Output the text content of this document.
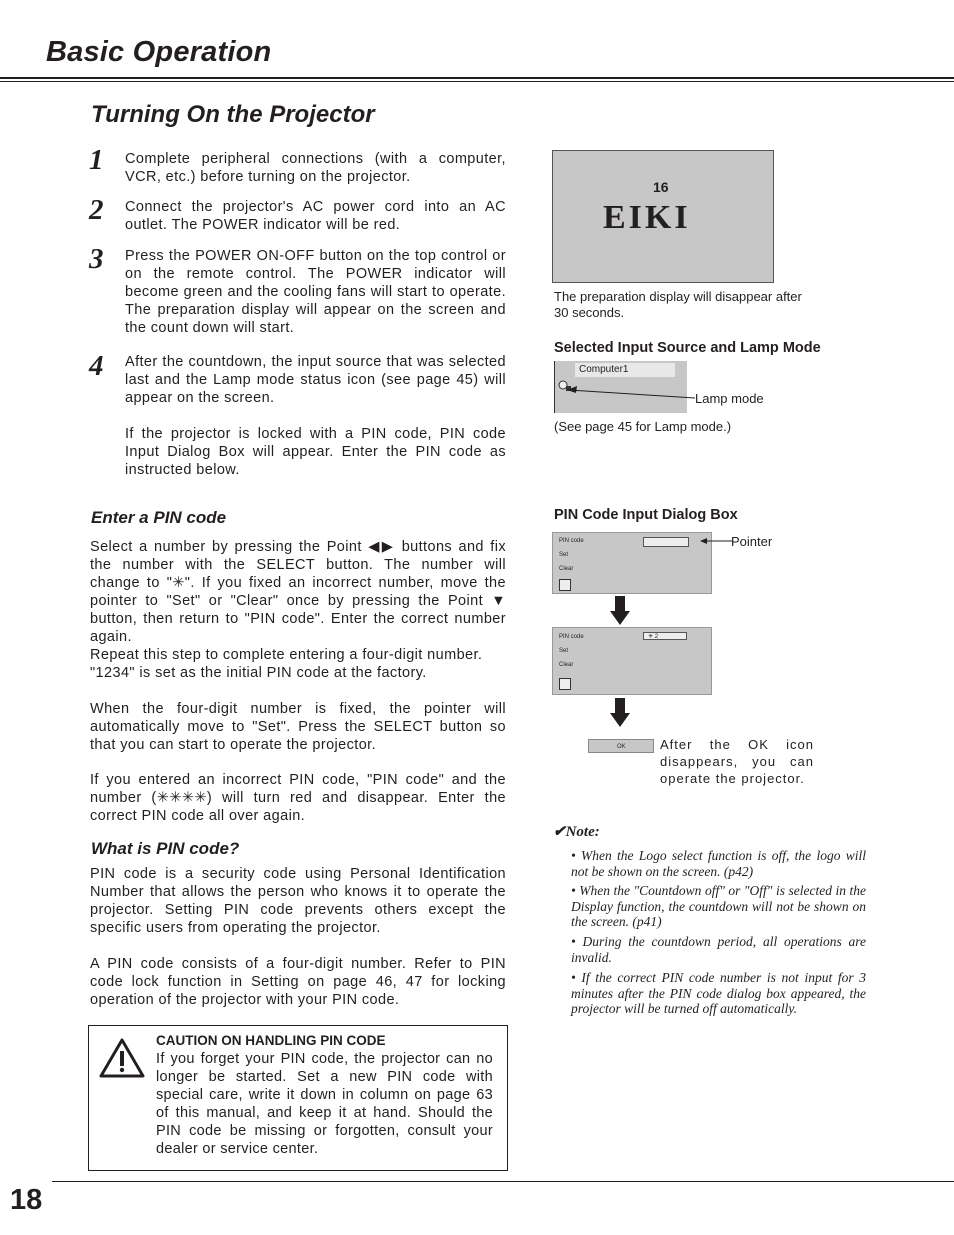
Basic Operation
Turning On the Projector
1 Complete peripheral connections (with a computer, VCR, etc.) before turning on the projector.
2 Connect the projector's AC power cord into an AC outlet. The POWER indicator will be red.
3 Press the POWER ON-OFF button on the top control or on the remote control. The POWER indicator will become green and the cooling fans will start to operate. The preparation display will appear on the screen and the count down will start.
4 After the countdown, the input source that was selected last and the Lamp mode status icon (see page 45) will appear on the screen.
If the projector is locked with a PIN code, PIN code Input Dialog Box will appear. Enter the PIN code as instructed below.
16
EIKI
The preparation display will disappear after 30 seconds.
Selected Input Source and Lamp Mode
Computer1
Lamp mode
(See page 45 for Lamp mode.)
Enter a PIN code
Select a number by pressing the Point ◀▶ buttons and fix the number with the SELECT button. The number will change to "✳". If you fixed an incorrect number, move the pointer to "Set" or "Clear" once by pressing the Point ▼ button, then return to "PIN code". Enter the correct number again.
Repeat this step to complete entering a four-digit number.
"1234" is set as the initial PIN code at the factory.
When the four-digit number is fixed, the pointer will automatically move to "Set". Press the SELECT button so that you can start to operate the projector.
If you entered an incorrect PIN code, "PIN code" and the number (✳✳✳✳) will turn red and disappear. Enter the correct PIN code all over again.
What is PIN code?
PIN code is a security code using Personal Identification Number that allows the person who knows it to operate the projector. Setting PIN code prevents others except the specific users from operating the projector.
A PIN code consists of a four-digit number. Refer to PIN code lock function in Setting on page 46, 47 for locking operation of the projector with your PIN code.
PIN Code Input Dialog Box
PIN code
Set
Clear
Pointer
PIN code
Set
Clear
✳ 2
OK	After the OK icon disappears, you can operate the projector.
✔Note:
• When the Logo select function is off, the logo will not be shown on the screen. (p42)
• When the "Countdown off" or "Off" is selected in the Display function, the countdown will not be shown on the screen. (p41)
• During the countdown period, all operations are invalid.
• If the correct PIN code number is not input for 3 minutes after the PIN code dialog box appeared, the projector will be turned off automatically.
CAUTION ON HANDLING PIN CODE
If you forget your PIN code, the projector can no longer be started. Set a new PIN code with special care, write it down in column on page 63 of this manual, and keep it at hand. Should the PIN code be missing or forgotten, consult your dealer or service center.
18
